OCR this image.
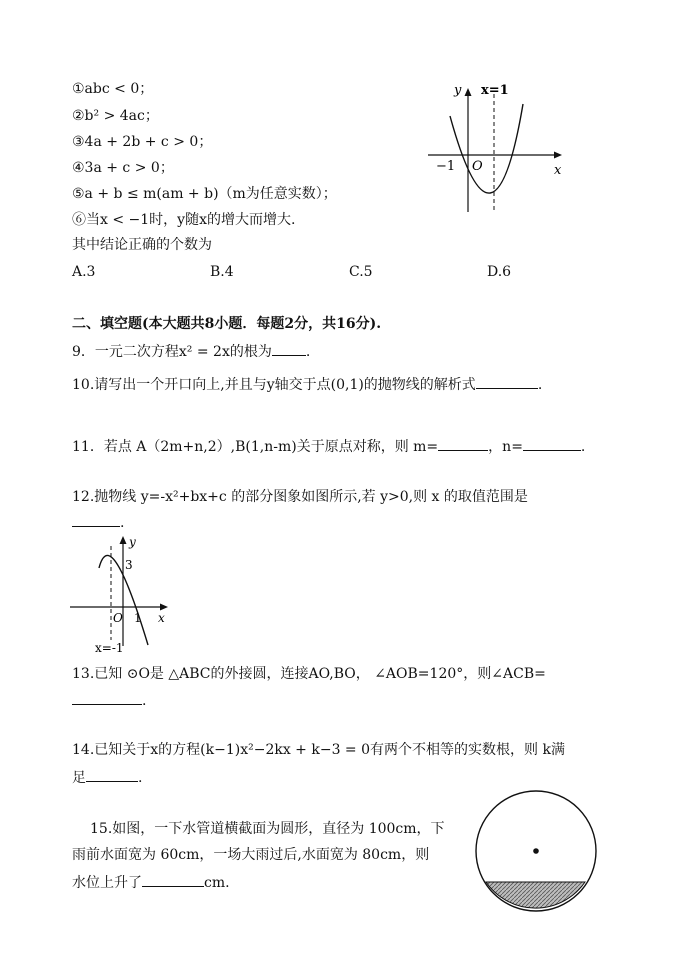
①abc < 0；
②b² > 4ac；
③4a + 2b + c > 0；
④3a + c > 0；
⑤a + b ≤ m(am + b)（m为任意实数）；
⑥当x < −1时，y随x的增大而增大.
其中结论正确的个数为
A.3	B.4	C.5	D.6
y x=1
−1 O	x
二、填空题(本大题共8小题．每题2分，共16分).
9．一元二次方程x² = 2x的根为 .
10.请写出一个开口向上,并且与y轴交于点(0,1)的抛物线的解析式	.
11．若点 A（2m+n,2）,B(1,n-m)关于原点对称，则 m=	，n=	.
12.抛物线 y=-x²+bx+c 的部分图象如图所示,若 y>0,则 x 的取值范围是
.
y
3
O 1 x
x=-1
13.已知 ⊙O是 △ABC的外接圆，连接AO,BO， ∠AOB=120°，则∠ACB=
.
14.已知关于x的方程(k−1)x²−2kx + k−3 = 0有两个不相等的实数根，则 k满
足	.
15.如图，一下水管道横截面为圆形，直径为 100cm，下
雨前水面宽为 60cm，一场大雨过后,水面宽为 80cm，则
水位上升了	cm.
